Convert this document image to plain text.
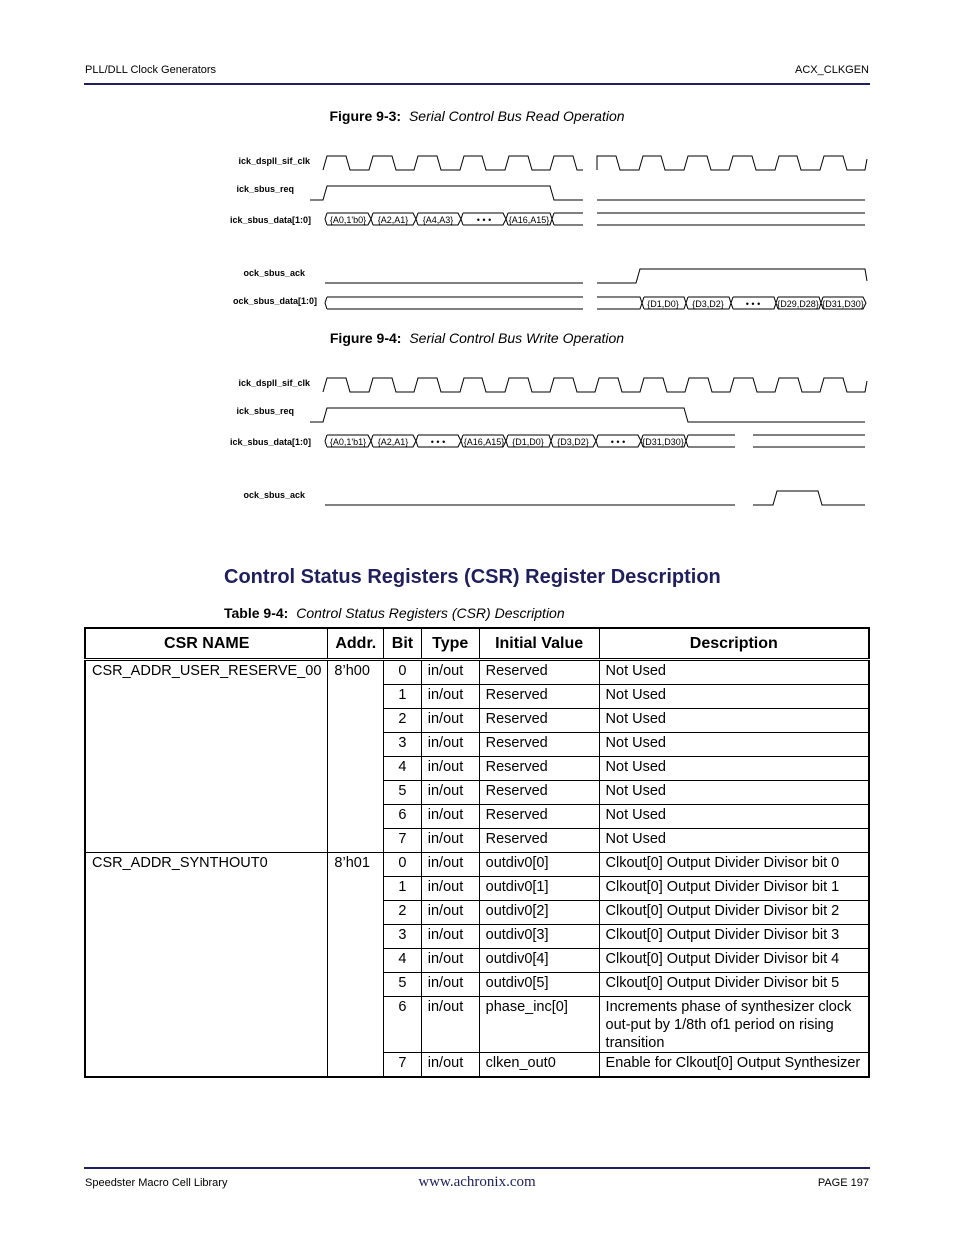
PLL/DLL Clock Generators	ACX_CLKGEN
Figure 9-3: Serial Control Bus Read Operation
ick_dspll_sif_clk
ick_sbus_req
ick_sbus_data[1:0]
ock_sbus_ack
ock_sbus_data[1:0]
{A0,1'b0} {A2,A1} {A4,A3}	• • • {A16,A15}
{D1,D0} {D3,D2} • • • {D29,D28} {D31,D30}
Figure 9-4: Serial Control Bus Write Operation
ick_dspll_sif_clk
ick_sbus_req
ick_sbus_data[1:0]
ock_sbus_ack
{A0,1'b1} {A2,A1}	• • • {A16,A15} {D1,D0} {D3,D2} • • • {D31,D30}
Control Status Registers (CSR) Register Description
Table 9-4: Control Status Registers (CSR) Description
CSR NAME	Addr.	Bit	Type	Initial Value	Description
CSR_ADDR_USER_RESERVE_00	8’h00	0	in/out	Reserved	Not Used
		1	in/out	Reserved	Not Used
		2	in/out	Reserved	Not Used
		3	in/out	Reserved	Not Used
		4	in/out	Reserved	Not Used
		5	in/out	Reserved	Not Used
		6	in/out	Reserved	Not Used
		7	in/out	Reserved	Not Used
CSR_ADDR_SYNTHOUT0	8’h01	0	in/out	outdiv0[0]	Clkout[0] Output Divider Divisor bit 0
		1	in/out	outdiv0[1]	Clkout[0] Output Divider Divisor bit 1
		2	in/out	outdiv0[2]	Clkout[0] Output Divider Divisor bit 2
		3	in/out	outdiv0[3]	Clkout[0] Output Divider Divisor bit 3
		4	in/out	outdiv0[4]	Clkout[0] Output Divider Divisor bit 4
		5	in/out	outdiv0[5]	Clkout[0] Output Divider Divisor bit 5
		6	in/out	phase_inc[0]	Increments phase of synthesizer clock out-put by 1/8th of1 period on rising transition
		7	in/out	clken_out0	Enable for Clkout[0] Output Synthesizer
Speedster Macro Cell Library	www.achronix.com	PAGE 197
